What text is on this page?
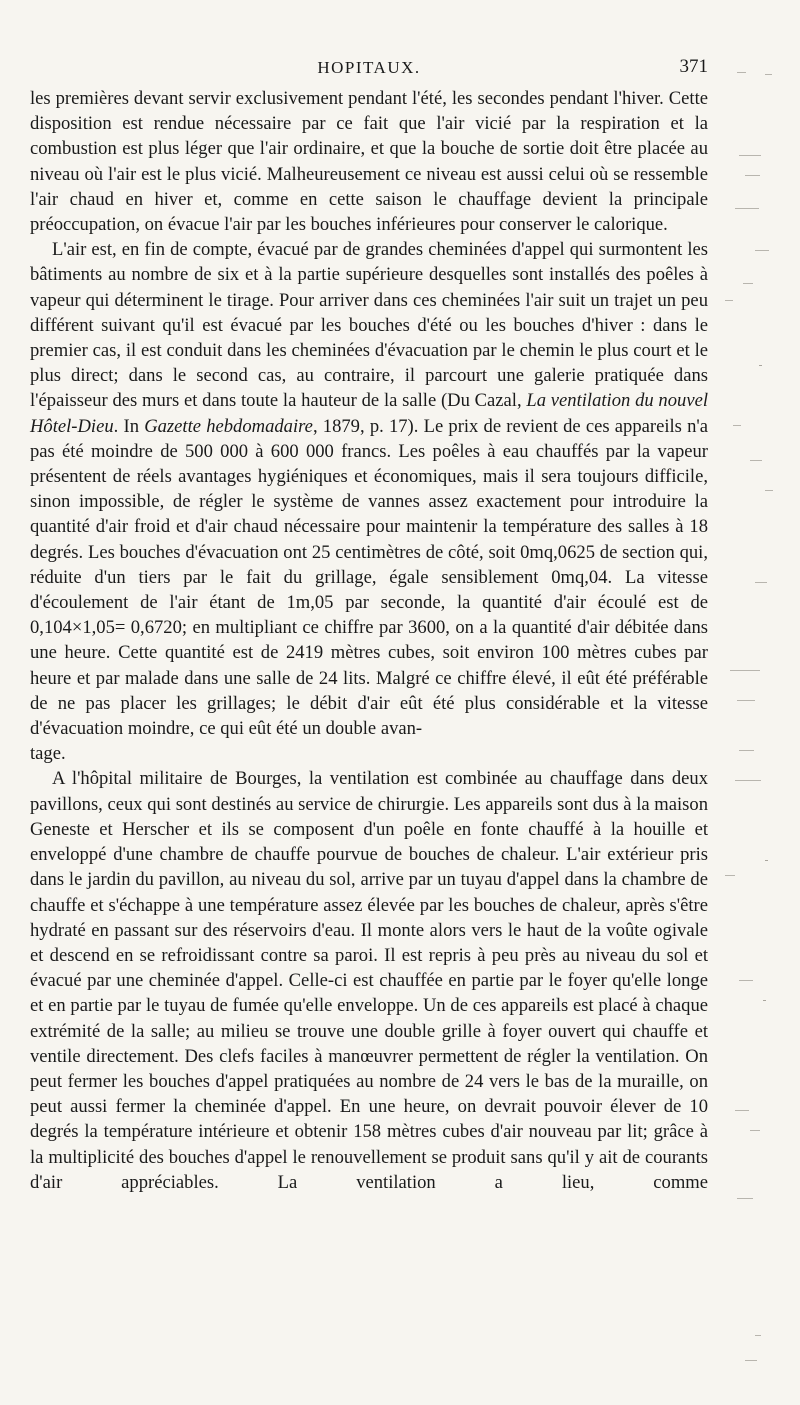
HOPITAUX.	371

les premières devant servir exclusivement pendant l'été, les secondes pendant l'hiver. Cette disposition est rendue nécessaire par ce fait que l'air vicié par la respiration et la combustion est plus léger que l'air ordinaire, et que la bouche de sortie doit être placée au niveau où l'air est le plus vicié. Malheureusement ce niveau est aussi celui où se ressemble l'air chaud en hiver et, comme en cette saison le chauffage devient la principale préoccupation, on évacue l'air par les bouches inférieures pour conserver le calorique.

L'air est, en fin de compte, évacué par de grandes cheminées d'appel qui surmontent les bâtiments au nombre de six et à la partie supérieure desquelles sont installés des poêles à vapeur qui déterminent le tirage. Pour arriver dans ces cheminées l'air suit un trajet un peu différent suivant qu'il est évacué par les bouches d'été ou les bouches d'hiver : dans le premier cas, il est conduit dans les cheminées d'évacuation par le chemin le plus court et le plus direct; dans le second cas, au contraire, il parcourt une galerie pratiquée dans l'épaisseur des murs et dans toute la hauteur de la salle (Du Cazal, La ventilation du nouvel Hôtel-Dieu. In Gazette hebdomadaire, 1879, p. 17). Le prix de revient de ces appareils n'a pas été moindre de 500 000 à 600 000 francs. Les poêles à eau chauffés par la vapeur présentent de réels avantages hygiéniques et économiques, mais il sera toujours difficile, sinon impossible, de régler le système de vannes assez exactement pour introduire la quantité d'air froid et d'air chaud nécessaire pour maintenir la température des salles à 18 degrés. Les bouches d'évacuation ont 25 centimètres de côté, soit 0mq,0625 de section qui, réduite d'un tiers par le fait du grillage, égale sensiblement 0mq,04. La vitesse d'écoulement de l'air étant de 1m,05 par seconde, la quantité d'air écoulé est de 0,104×1,05= 0,6720; en multipliant ce chiffre par 3600, on a la quantité d'air débitée dans une heure. Cette quantité est de 2419 mètres cubes, soit environ 100 mètres cubes par heure et par malade dans une salle de 24 lits. Malgré ce chiffre élevé, il eût été préférable de ne pas placer les grillages; le débit d'air eût été plus considérable et la vitesse d'évacuation moindre, ce qui eût été un double avan-
tage.

A l'hôpital militaire de Bourges, la ventilation est combinée au chauffage dans deux pavillons, ceux qui sont destinés au service de chirurgie. Les appareils sont dus à la maison Geneste et Herscher et ils se composent d'un poêle en fonte chauffé à la houille et enveloppé d'une chambre de chauffe pourvue de bouches de chaleur. L'air extérieur pris dans le jardin du pavillon, au niveau du sol, arrive par un tuyau d'appel dans la chambre de chauffe et s'échappe à une température assez élevée par les bouches de chaleur, après s'être hydraté en passant sur des réservoirs d'eau. Il monte alors vers le haut de la voûte ogivale et descend en se refroidissant contre sa paroi. Il est repris à peu près au niveau du sol et évacué par une cheminée d'appel. Celle-ci est chauffée en partie par le foyer qu'elle longe et en partie par le tuyau de fumée qu'elle enveloppe. Un de ces appareils est placé à chaque extrémité de la salle; au milieu se trouve une double grille à foyer ouvert qui chauffe et ventile directement. Des clefs faciles à manœuvrer permettent de régler la ventilation. On peut fermer les bouches d'appel pratiquées au nombre de 24 vers le bas de la muraille, on peut aussi fermer la cheminée d'appel. En une heure, on devrait pouvoir élever de 10 degrés la température intérieure et obtenir 158 mètres cubes d'air nouveau par lit; grâce à la multiplicité des bouches d'appel le renouvellement se produit sans qu'il y ait de courants d'air appréciables. La ventilation a lieu, comme
